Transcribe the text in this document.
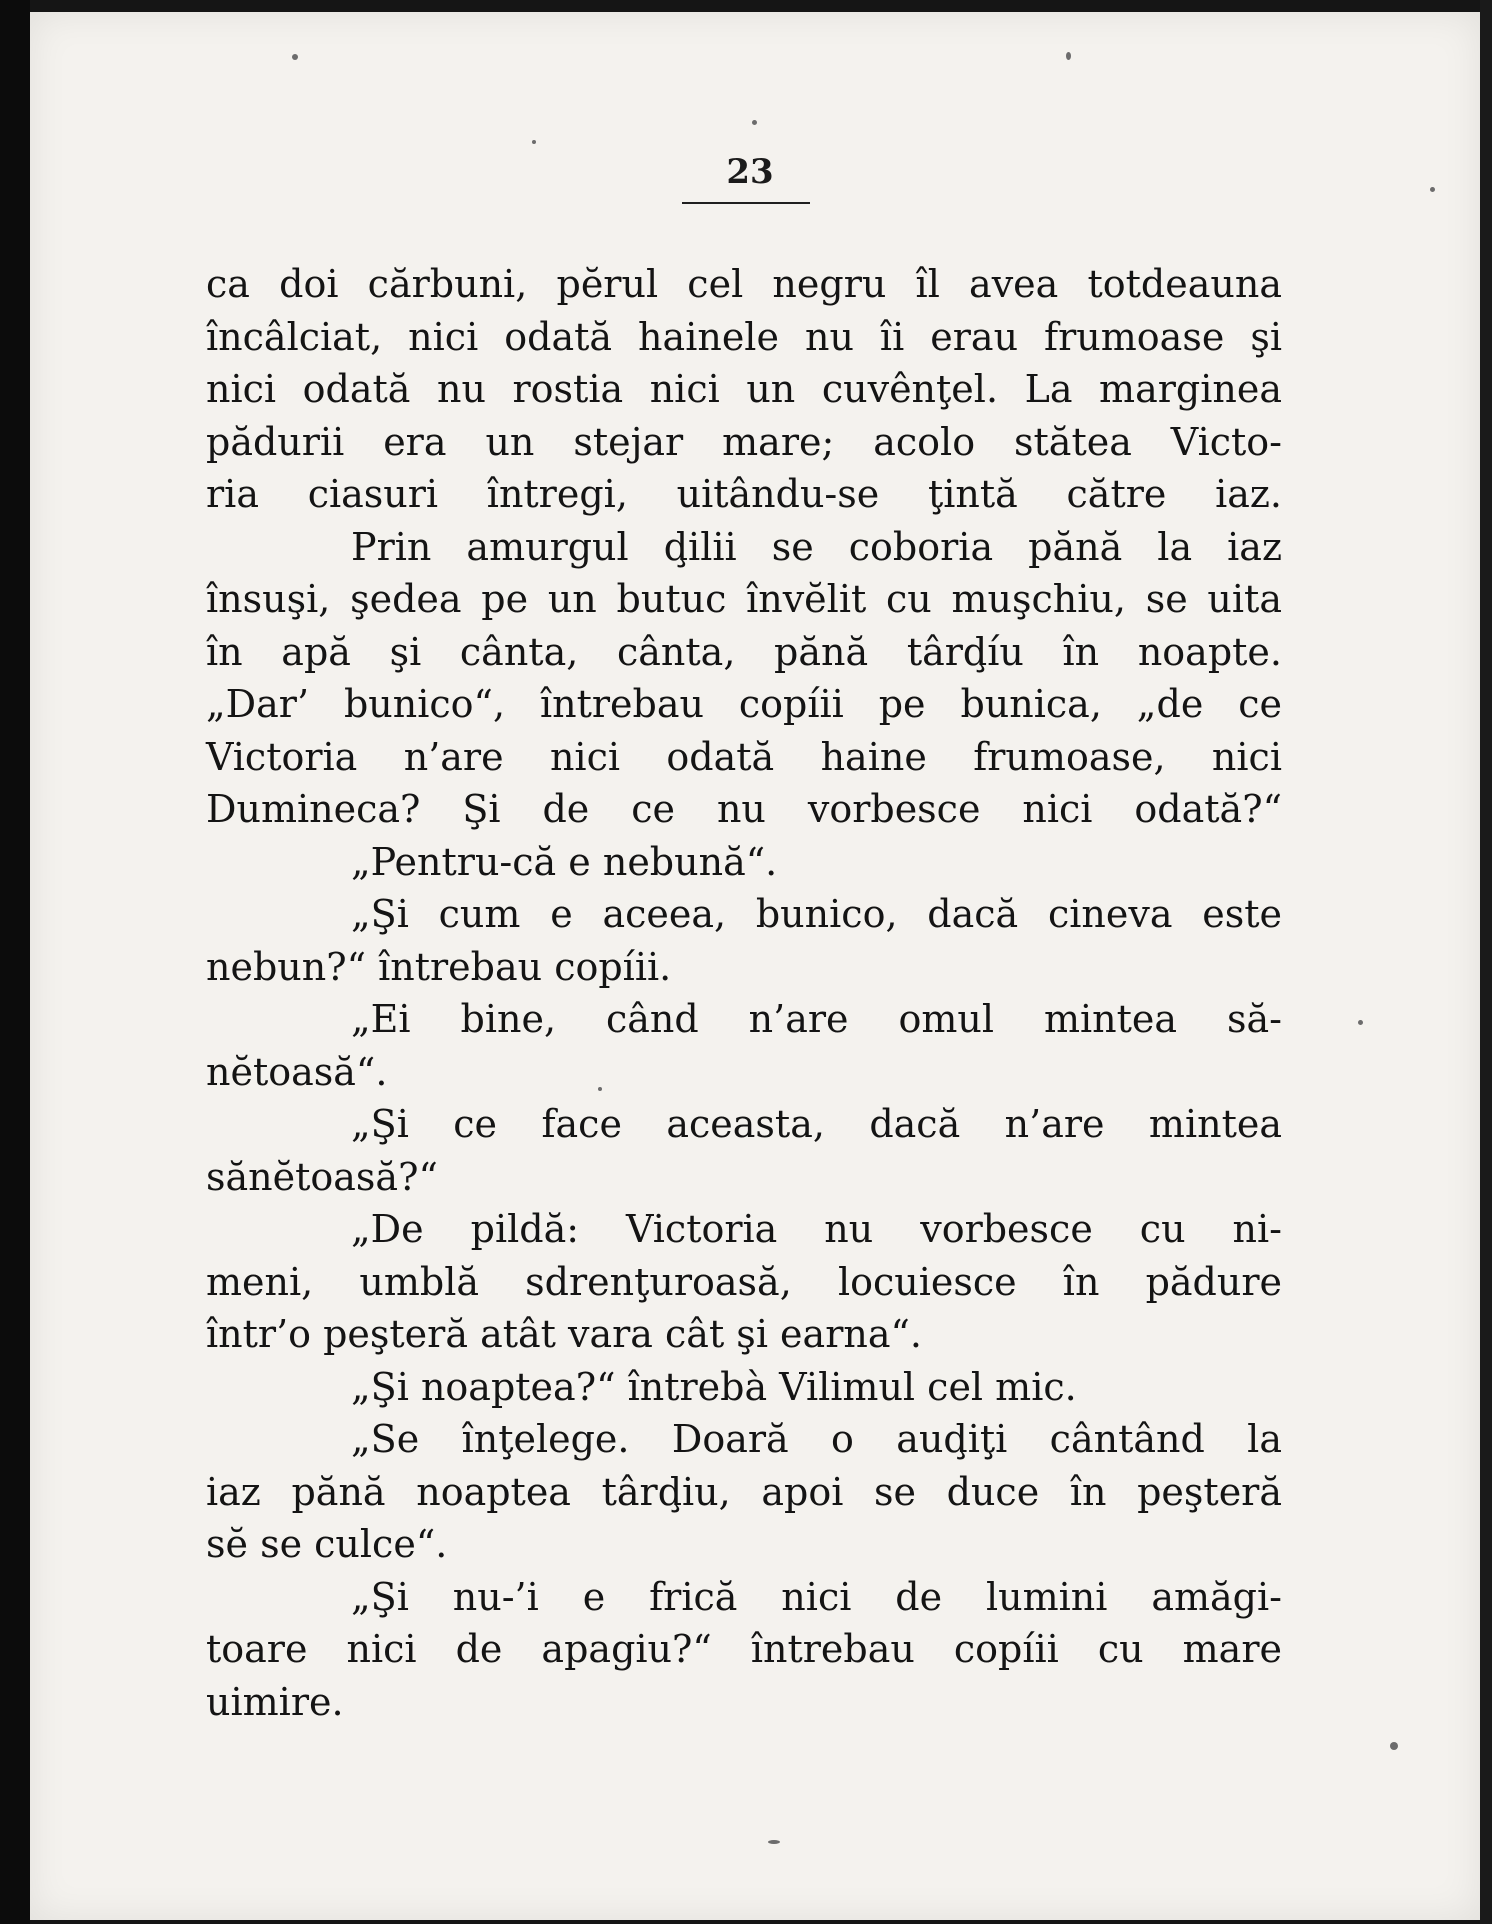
23
ca doi cărbuni, pĕrul cel negru îl avea totdeauna
încâlciat, nici odată hainele nu îi erau frumoase şi
nici odată nu rostia nici un cuvênţel. La marginea
pădurii era un stejar mare; acolo stătea Victo-
ria ciasuri întregi, uitându-se ţintă către iaz.
Prin amurgul ḑilii se coboria pănă la iaz
însuşi, şedea pe un butuc învĕlit cu muşchiu, se uita
în apă şi cânta, cânta, pănă târḑíu în noapte.
„Dar’ bunico“, întrebau copíii pe bunica, „de ce
Victoria n’are nici odată haine frumoase, nici
Dumineca? Şi de ce nu vorbesce nici odată?“
„Pentru-că e nebună“.
„Şi cum e aceea, bunico, dacă cineva este
nebun?“ întrebau copíii.
„Ei bine, când n’are omul mintea să-
nĕtoasă“.
„Şi ce face aceasta, dacă n’are mintea
sănĕtoasă?“
„De pildă: Victoria nu vorbesce cu ni-
meni, umblă sdrenţuroasă, locuiesce în pădure
într’o peşteră atât vara cât şi earna“.
„Şi noaptea?“ întrebà Vilimul cel mic.
„Se înţelege. Doară o auḑiţi cântând la
iaz pănă noaptea târḑiu, apoi se duce în peşteră
sĕ se culce“.
„Şi nu-’i e frică nici de lumini amăgi-
toare nici de apagiu?“ întrebau copíii cu mare
uimire.
